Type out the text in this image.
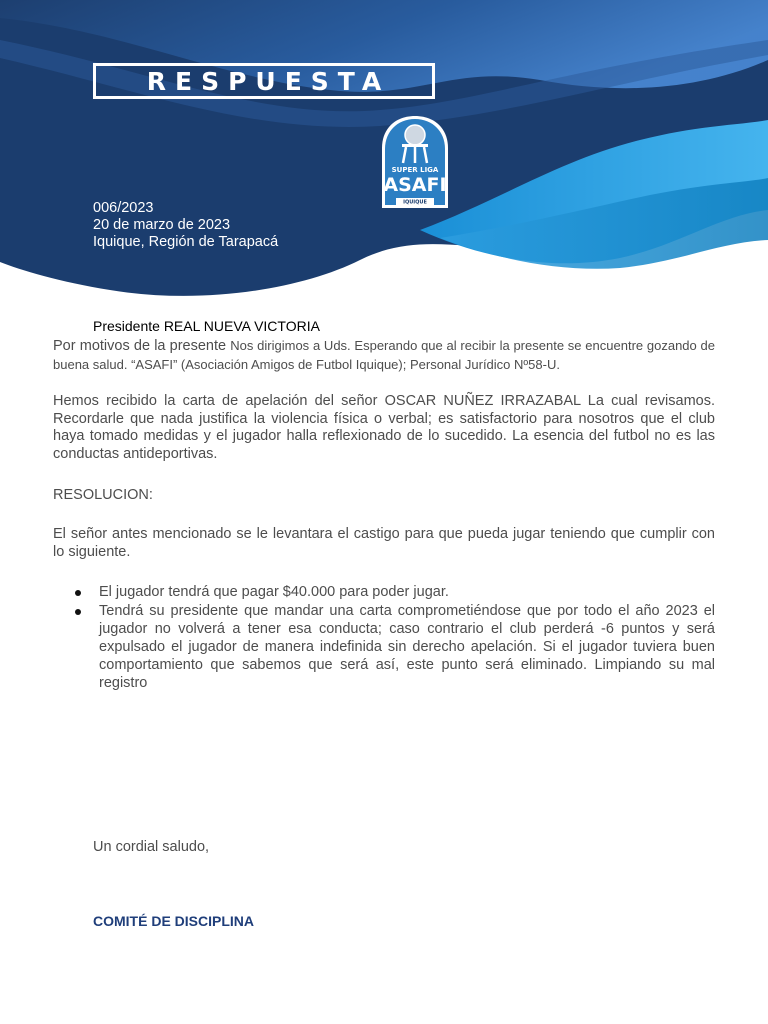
RESPUESTA
SUPER LIGA
ASAFI
IQUIQUE
006/2023
20 de marzo de 2023
Iquique, Región de Tarapacá
Presidente REAL NUEVA VICTORIA
Por motivos de la presente Nos dirigimos a Uds. Esperando que al recibir la presente se encuentre gozando de buena salud. “ASAFI” (Asociación Amigos de Futbol Iquique); Personal Jurídico Nº58-U.
Hemos recibido la carta de apelación del señor OSCAR NUÑEZ IRRAZABAL La cual revisamos. Recordarle que nada justifica la violencia física o verbal; es satisfactorio para nosotros que el club haya tomado medidas y el jugador halla reflexionado de lo sucedido. La esencia del futbol no es las conductas antideportivas.
RESOLUCION:
El señor antes mencionado se le levantara el castigo para que pueda jugar teniendo que cumplir con lo siguiente.
El jugador tendrá que pagar $40.000 para poder jugar.
Tendrá su presidente que mandar una carta comprometiéndose que por todo el año 2023 el jugador no volverá a tener esa conducta; caso contrario el club perderá -6 puntos y será expulsado el jugador de manera indefinida sin derecho apelación. Si el jugador tuviera buen comportamiento que sabemos que será así, este punto será eliminado. Limpiando su mal registro
Un cordial saludo,
COMITÉ DE DISCIPLINA
